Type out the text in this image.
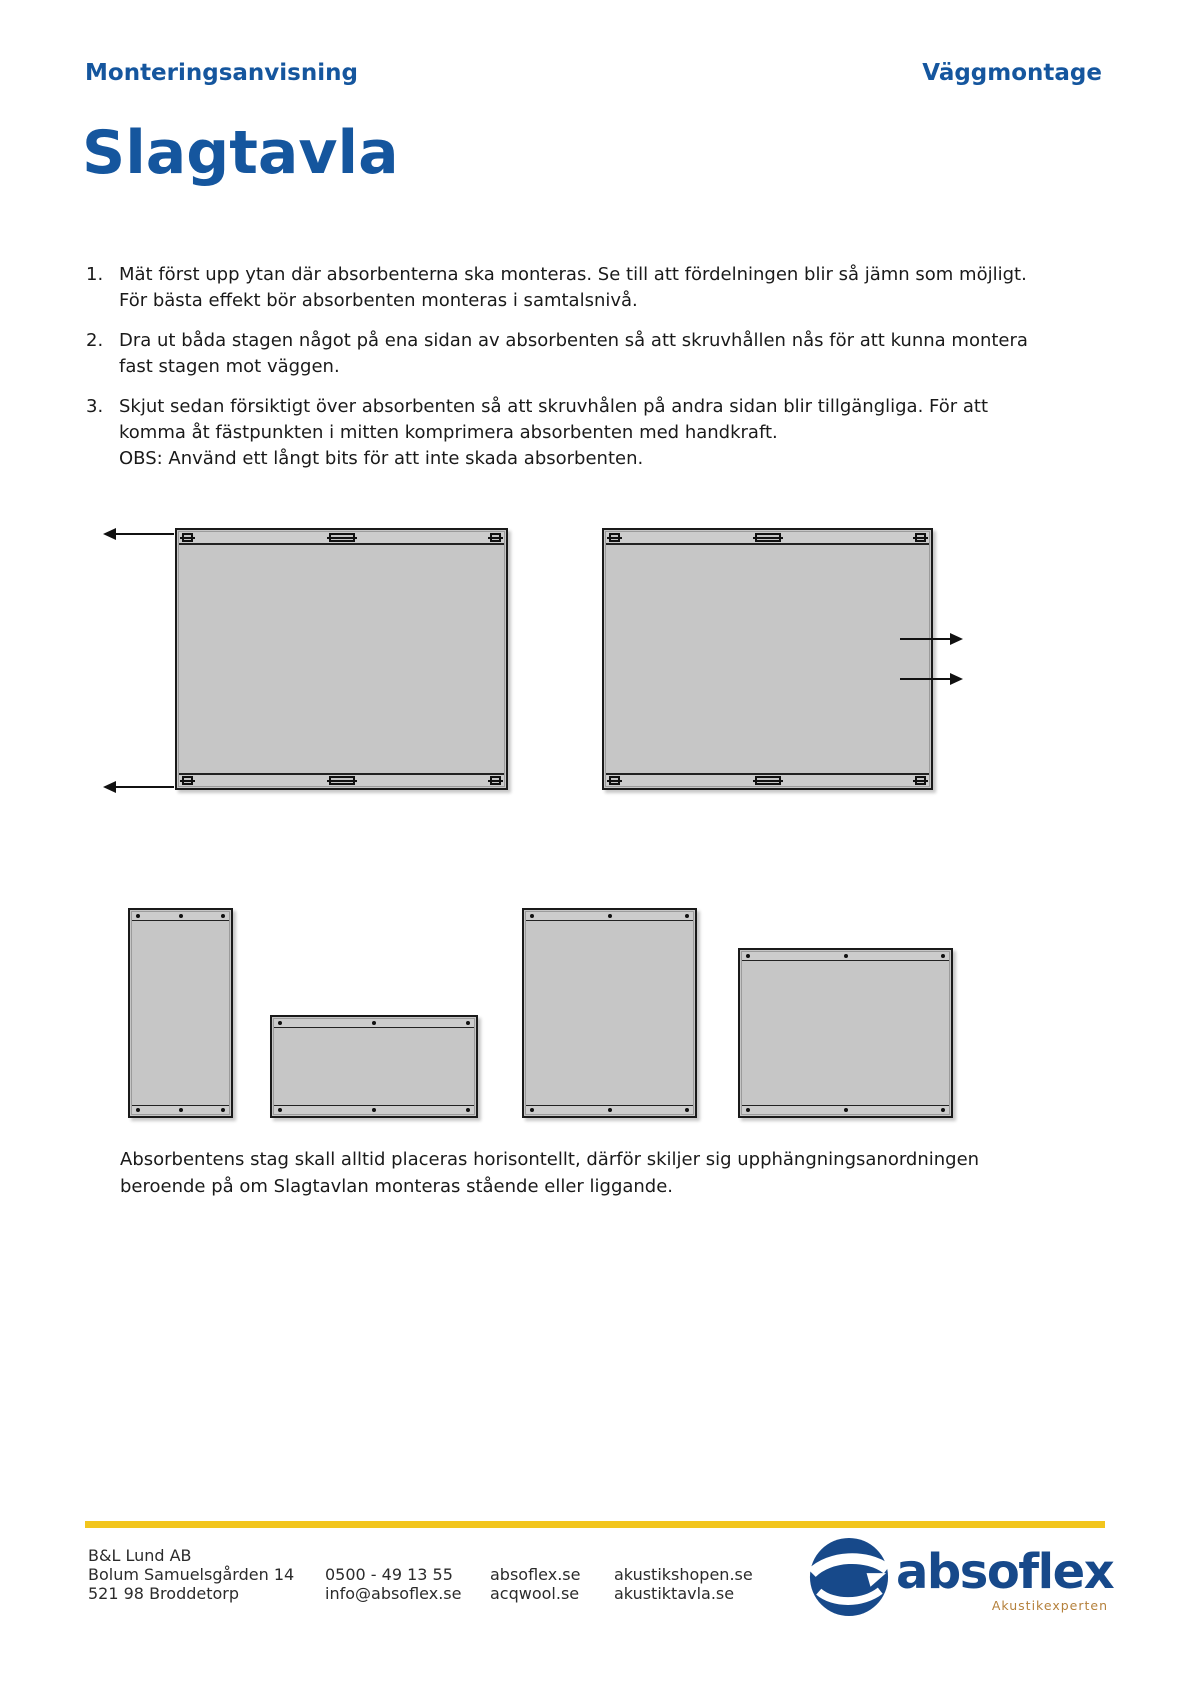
Monteringsanvisning	Väggmontage
Slagtavla
1. Mät först upp ytan där absorbenterna ska monteras. Se till att fördelningen blir så jämn som möjligt. För bästa effekt bör absorbenten monteras i samtalsnivå.
2. Dra ut båda stagen något på ena sidan av absorbenten så att skruvhållen nås för att kunna montera fast stagen mot väggen.
3. Skjut sedan försiktigt över absorbenten så att skruvhålen på andra sidan blir tillgängliga. För att komma åt fästpunkten i mitten komprimera absorbenten med handkraft.
OBS: Använd ett långt bits för att inte skada absorbenten.
Absorbentens stag skall alltid placeras horisontellt, därför skiljer sig upphängningsanordningen beroende på om Slagtavlan monteras stående eller liggande.
B&L Lund AB
Bolum Samuelsgården 14
521 98 Broddetorp
0500 - 49 13 55
info@absoflex.se
absoflex.se
acqwool.se
akustikshopen.se
akustiktavla.se	absoflex
Akustikexperten
